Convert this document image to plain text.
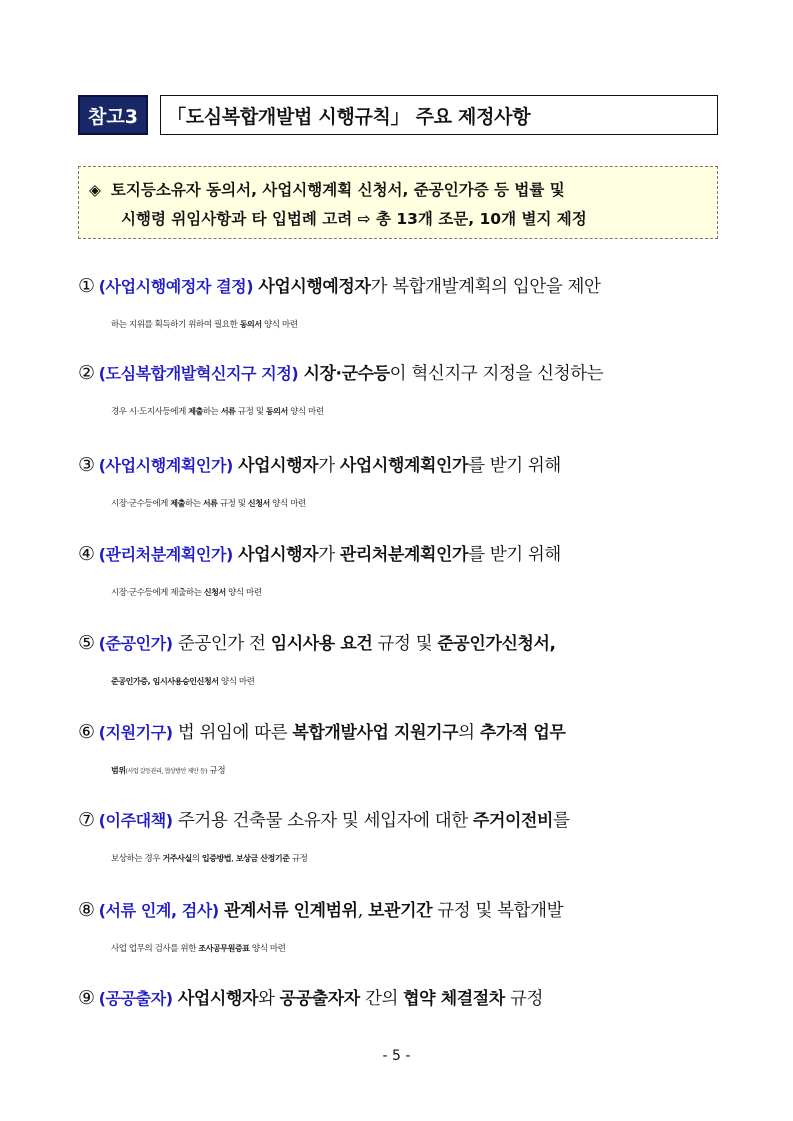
참고3	「도심복합개발법 시행규칙」 주요 제정사항
◈ 토지등소유자 동의서, 사업시행계획 신청서, 준공인가증 등 법률 및
시행령 위임사항과 타 입법례 고려 ⇨ 총 13개 조문, 10개 별지 제정
① (사업시행예정자 결정) 사업시행예정자가 복합개발계획의 입안을 제안
하는 지위를 획득하기 위하여 필요한 동의서 양식 마련
② (도심복합개발혁신지구 지정) 시장·군수등이 혁신지구 지정을 신청하는
경우 시·도지사등에게 제출하는 서류 규정 및 동의서 양식 마련
③ (사업시행계획인가) 사업시행자가 사업시행계획인가를 받기 위해
시장·군수등에게 제출하는 서류 규정 및 신청서 양식 마련
④ (관리처분계획인가) 사업시행자가 관리처분계획인가를 받기 위해
시장·군수등에게 제출하는 신청서 양식 마련
⑤ (준공인가) 준공인가 전 임시사용 요건 규정 및 준공인가신청서,
준공인가증, 임시사용승인신청서 양식 마련
⑥ (지원기구) 법 위임에 따른 복합개발사업 지원기구의 추가적 업무
범위(사업 갈등관리, 협상방안 제안 등) 규정
⑦ (이주대책) 주거용 건축물 소유자 및 세입자에 대한 주거이전비를
보상하는 경우 거주사실의 입증방법, 보상금 산정기준 규정
⑧ (서류 인계, 검사) 관계서류 인계범위, 보관기간 규정 및 복합개발
사업 업무의 검사를 위한 조사공무원증표 양식 마련
⑨ (공공출자) 사업시행자와 공공출자자 간의 협약 체결절차 규정
- 5 -
